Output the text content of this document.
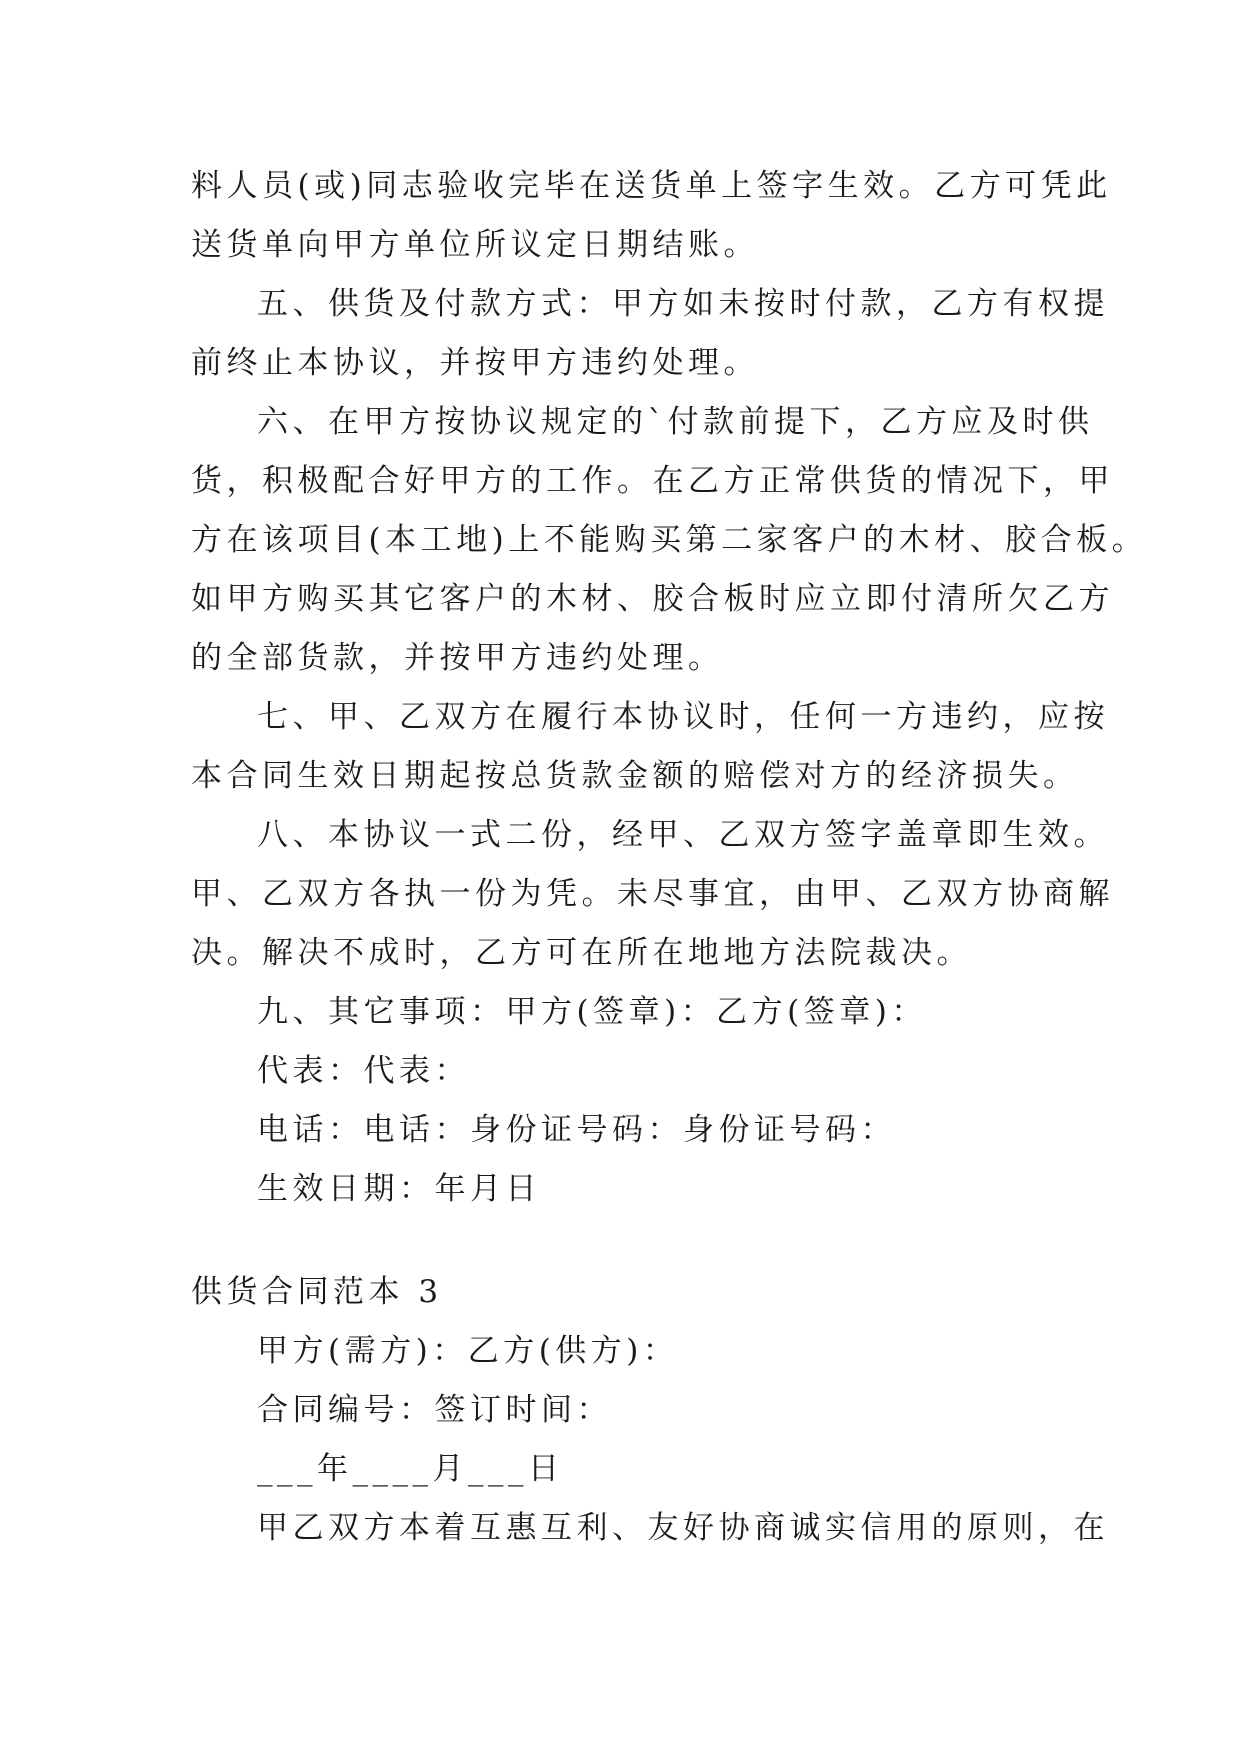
料人员(或)同志验收完毕在送货单上签字生效。乙方可凭此
送货单向甲方单位所议定日期结账。
五、供货及付款方式：甲方如未按时付款，乙方有权提
前终止本协议，并按甲方违约处理。
六、在甲方按协议规定的`付款前提下，乙方应及时供
货，积极配合好甲方的工作。在乙方正常供货的情况下，甲
方在该项目(本工地)上不能购买第二家客户的木材、胶合板。
如甲方购买其它客户的木材、胶合板时应立即付清所欠乙方
的全部货款，并按甲方违约处理。
七、甲、乙双方在履行本协议时，任何一方违约，应按
本合同生效日期起按总货款金额的赔偿对方的经济损失。
八、本协议一式二份，经甲、乙双方签字盖章即生效。
甲、乙双方各执一份为凭。未尽事宜，由甲、乙双方协商解
决。解决不成时，乙方可在所在地地方法院裁决。
九、其它事项：甲方(签章)：乙方(签章)：
代表：代表：
电话：电话：身份证号码：身份证号码：
生效日期：年月日
供货合同范本 3
甲方(需方)：乙方(供方)：
合同编号：签订时间：
___年____月___日
甲乙双方本着互惠互利、友好协商诚实信用的原则，在
